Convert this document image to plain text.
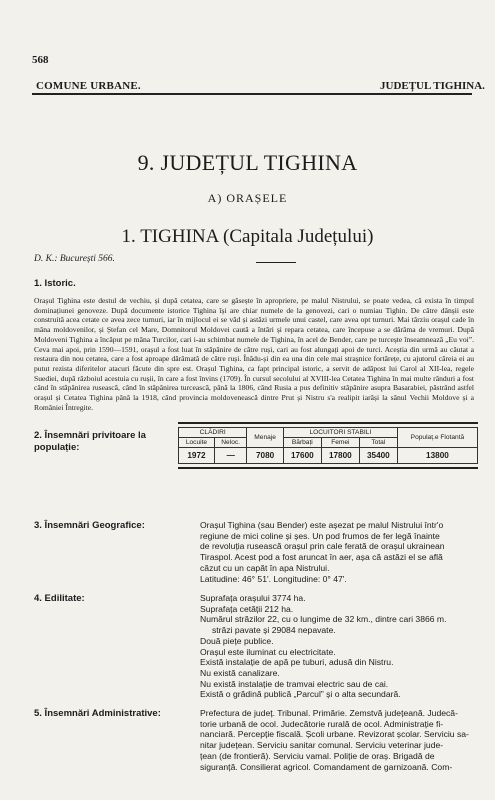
568
COMUNE URBANE.	JUDEȚUL TIGHINA.
9. JUDEȚUL TIGHINA
A) ORAȘELE
1. TIGHINA (Capitala Județului)
D. K.: București 566.
1. Istoric.
Orașul Tighina este destul de vechiu, și după cetatea, care se găsește în apropriere, pe malul Nistrului, se poate vedea, că exista în timpul dominațiunei genoveze. După documente istorice Tighina își are chiar numele de la genovezi, cari o numiau Tighin. De către dânșii este construită acea cetate ce avea zece turnuri, iar în mijlocul ei se văd și astăzi urmele unui castel, care avea opt turnuri. Mai târziu orașul cade în mâna moldovenilor, și Ștefan cel Mare, Domnitorul Moldovei caută a întări și repara cetatea, care începuse a se dărâma de vremuri. După Moldoveni Tighina a încăput pe mâna Turcilor, cari i-au schimbat numele de Tighina, în acel de Bender, care pe turcește înseamnează „Eu voi”. Ceva mai apoi, prin 1590—1591, orașul a fost luat în stăpânire de către ruși, cari au fost alungați apoi de turci. Aceștia din urmă au căutat a restaura din nou cetatea, care a fost aproape dărâmată de către ruși. Înădu-și din ea una din cele mai strașnice fortărețe, cu ajutorul căreia ei au putut rezista diferitelor atacuri făcute din spre est. Orașul Tighina, ca fapt principal istoric, a servit de adăpost lui Carol al XII-lea, regele Suediei, după războiul acestuia cu rușii, în care a fost învins (1709). În cursul secolului al XVIII-lea Cetatea Tighina în mai multe rânduri a fost când în stăpânirea rusească, când în stăpânirea turcească, până la 1806, când Rusia a pus definitiv stăpânire asupra Basarabiei, păstrând astfel orașul și Cetatea Tighina până la 1918, când provincia moldovenească dintre Prut și Nistru s'a realipit iarăși la sânul Vechii Moldove și a României Întregite.
2. Însemnări privitoare la populație:
CLĂDIRI		Menaje	LOCUITORI STABILI			Populaț.e Flotantă
Locuite	Neloc.		Bărbați	Femei	Total	
1972	—	7080	17600	17800	35400	13800
3. Însemnări Geografice:	Orașul Tighina (sau Bender) este așezat pe malul Nistrului într'o
regiune de mici coline și șes. Un pod frumos de fer legă înainte
de revoluția rusească orașul prin cale ferată de orașul ukrainean
Tiraspol. Acest pod a fost aruncat în aer, așa că astăzi el se află
căzut cu un capăt în apa Nistrului.
Latitudine: 46° 51'. Longitudine: 0° 47'.
4. Edilitate:	Suprafața orașului 3774 ha.
Suprafața cetății 212 ha.
Numărul străzilor 22, cu o lungime de 32 km., dintre cari 3866 m.
străzi pavate și 29084 nepavate.
Două piețe publice.
Orașul este iluminat cu electricitate.
Există instalație de apă pe tuburi, adusă din Nistru.
Nu există canalizare.
Nu există instalație de tramvai electric sau de cai.
Există o grădină publică „Parcul” și o alta secundară.
5. Însemnări Administrative:	Prefectura de județ. Tribunal. Primărie. Zemstvă județeană. Judecă-
torie urbană de ocol. Judecătorie rurală de ocol. Administrație fi-
nanciară. Percepție fiscală. Școli urbane. Revizorat școlar. Serviciu sa-
nitar județean. Serviciu sanitar comunal. Serviciu veterinar jude-
țean (de frontieră). Serviciu vamal. Poliție de oraș. Brigadă de
siguranță. Consilierat agricol. Comandament de garnizoană. Com-
